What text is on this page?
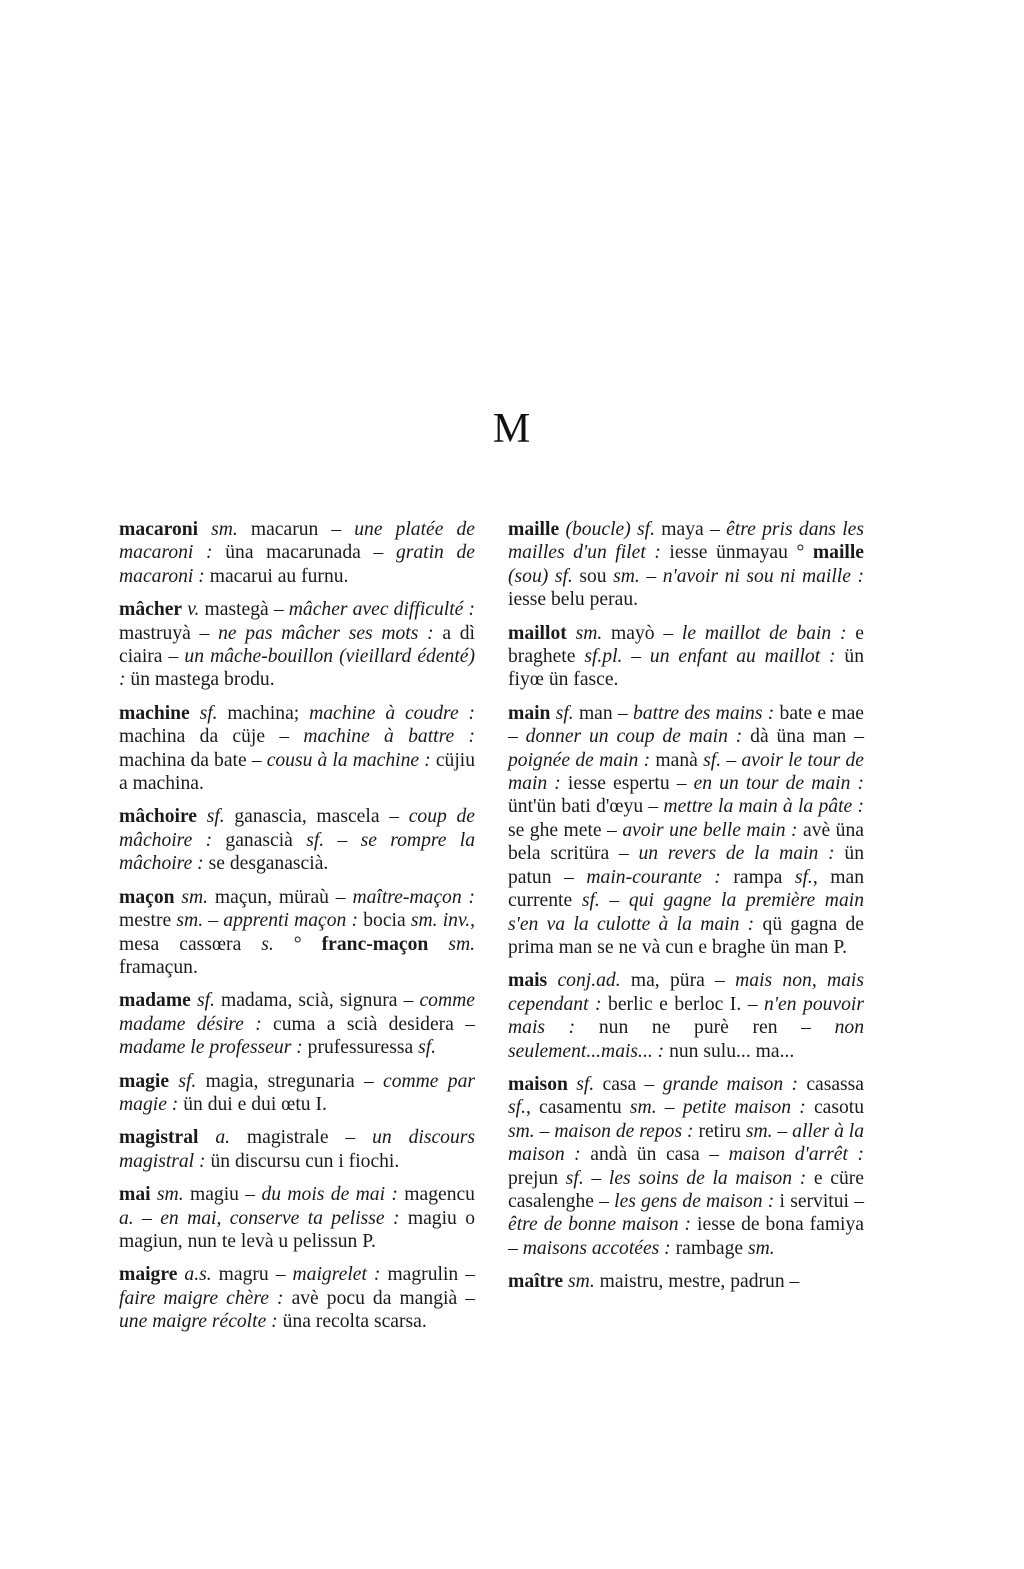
M

macaroni sm. macarun – une platée de macaroni : üna macarunada – gratin de macaroni : macarui au furnu.

mâcher v. mastegà – mâcher avec difficulté : mastruyà – ne pas mâcher ses mots : a dì ciaira – un mâche-bouillon (vieillard édenté) : ün mastega brodu.

machine sf. machina; machine à coudre : machina da cüje – machine à battre : machina da bate – cousu à la machine : cüjiu a machina.

mâchoire sf. ganascia, mascela – coup de mâchoire : ganascià sf. – se rompre la mâchoire : se desganascià.

maçon sm. maçun, müraù – maître-maçon : mestre sm. – apprenti maçon : bocia sm. inv., mesa cassœra s. ° franc-maçon sm. framaçun.

madame sf. madama, scià, signura – comme madame désire : cuma a scià desidera – madame le professeur : prufessuressa sf.

magie sf. magia, stregunaria – comme par magie : ün dui e dui œtu I.

magistral a. magistrale – un discours magistral : ün discursu cun i fiochi.

mai sm. magiu – du mois de mai : magencu a. – en mai, conserve ta pelisse : magiu o magiun, nun te levà u pelissun P.

maigre a.s. magru – maigrelet : magrulin – faire maigre chère : avè pocu da mangià – une maigre récolte : üna recolta scarsa.

maille (boucle) sf. maya – être pris dans les mailles d'un filet : iesse ünmayau ° maille (sou) sf. sou sm. – n'avoir ni sou ni maille : iesse belu perau.

maillot sm. mayò – le maillot de bain : e braghete sf.pl. – un enfant au maillot : ün fiyœ ün fasce.

main sf. man – battre des mains : bate e mae – donner un coup de main : dà üna man – poignée de main : manà sf. – avoir le tour de main : iesse espertu – en un tour de main : ünt'ün bati d'œyu – mettre la main à la pâte : se ghe mete – avoir une belle main : avè üna bela scritüra – un revers de la main : ün patun – main-courante : rampa sf., man currente sf. – qui gagne la première main s'en va la culotte à la main : qü gagna de prima man se ne và cun e braghe ün man P.

mais conj.ad. ma, püra – mais non, mais cependant : berlic e berloc I. – n'en pouvoir mais : nun ne purè ren – non seulement...mais... : nun sulu... ma...

maison sf. casa – grande maison : casassa sf., casamentu sm. – petite maison : casotu sm. – maison de repos : retiru sm. – aller à la maison : andà ün casa – maison d'arrêt : prejun sf. – les soins de la maison : e cüre casalenghe – les gens de maison : i servitui – être de bonne maison : iesse de bona famiya – maisons accotées : rambage sm.

maître sm. maistru, mestre, padrun –
